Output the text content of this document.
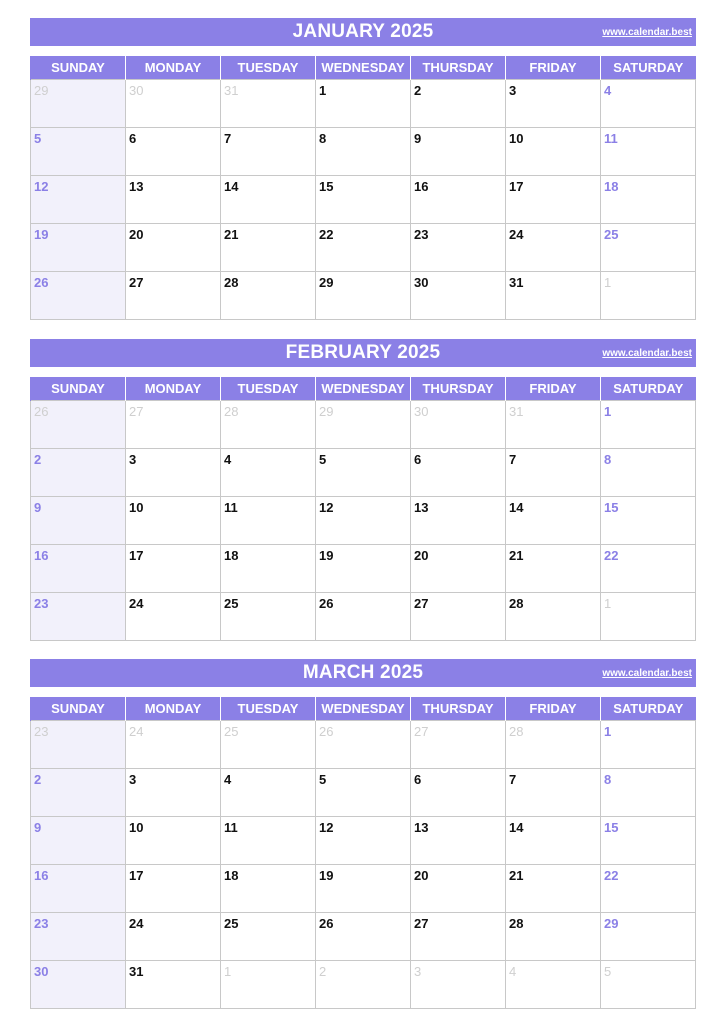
JANUARY 2025	www.calendar.best
SUNDAY	MONDAY	TUESDAY	WEDNESDAY	THURSDAY	FRIDAY	SATURDAY

29	30	31	1	2	3	4

5	6	7	8	9	10	11

12	13	14	15	16	17	18

19	20	21	22	23	24	25

26	27	28	29	30	31	1
FEBRUARY 2025	www.calendar.best
SUNDAY	MONDAY	TUESDAY	WEDNESDAY	THURSDAY	FRIDAY	SATURDAY

26	27	28	29	30	31	1

2	3	4	5	6	7	8

9	10	11	12	13	14	15

16	17	18	19	20	21	22

23	24	25	26	27	28	1
MARCH 2025	www.calendar.best
SUNDAY	MONDAY	TUESDAY	WEDNESDAY	THURSDAY	FRIDAY	SATURDAY

23	24	25	26	27	28	1

2	3	4	5	6	7	8

9	10	11	12	13	14	15

16	17	18	19	20	21	22

23	24	25	26	27	28	29

30	31	1	2	3	4	5
